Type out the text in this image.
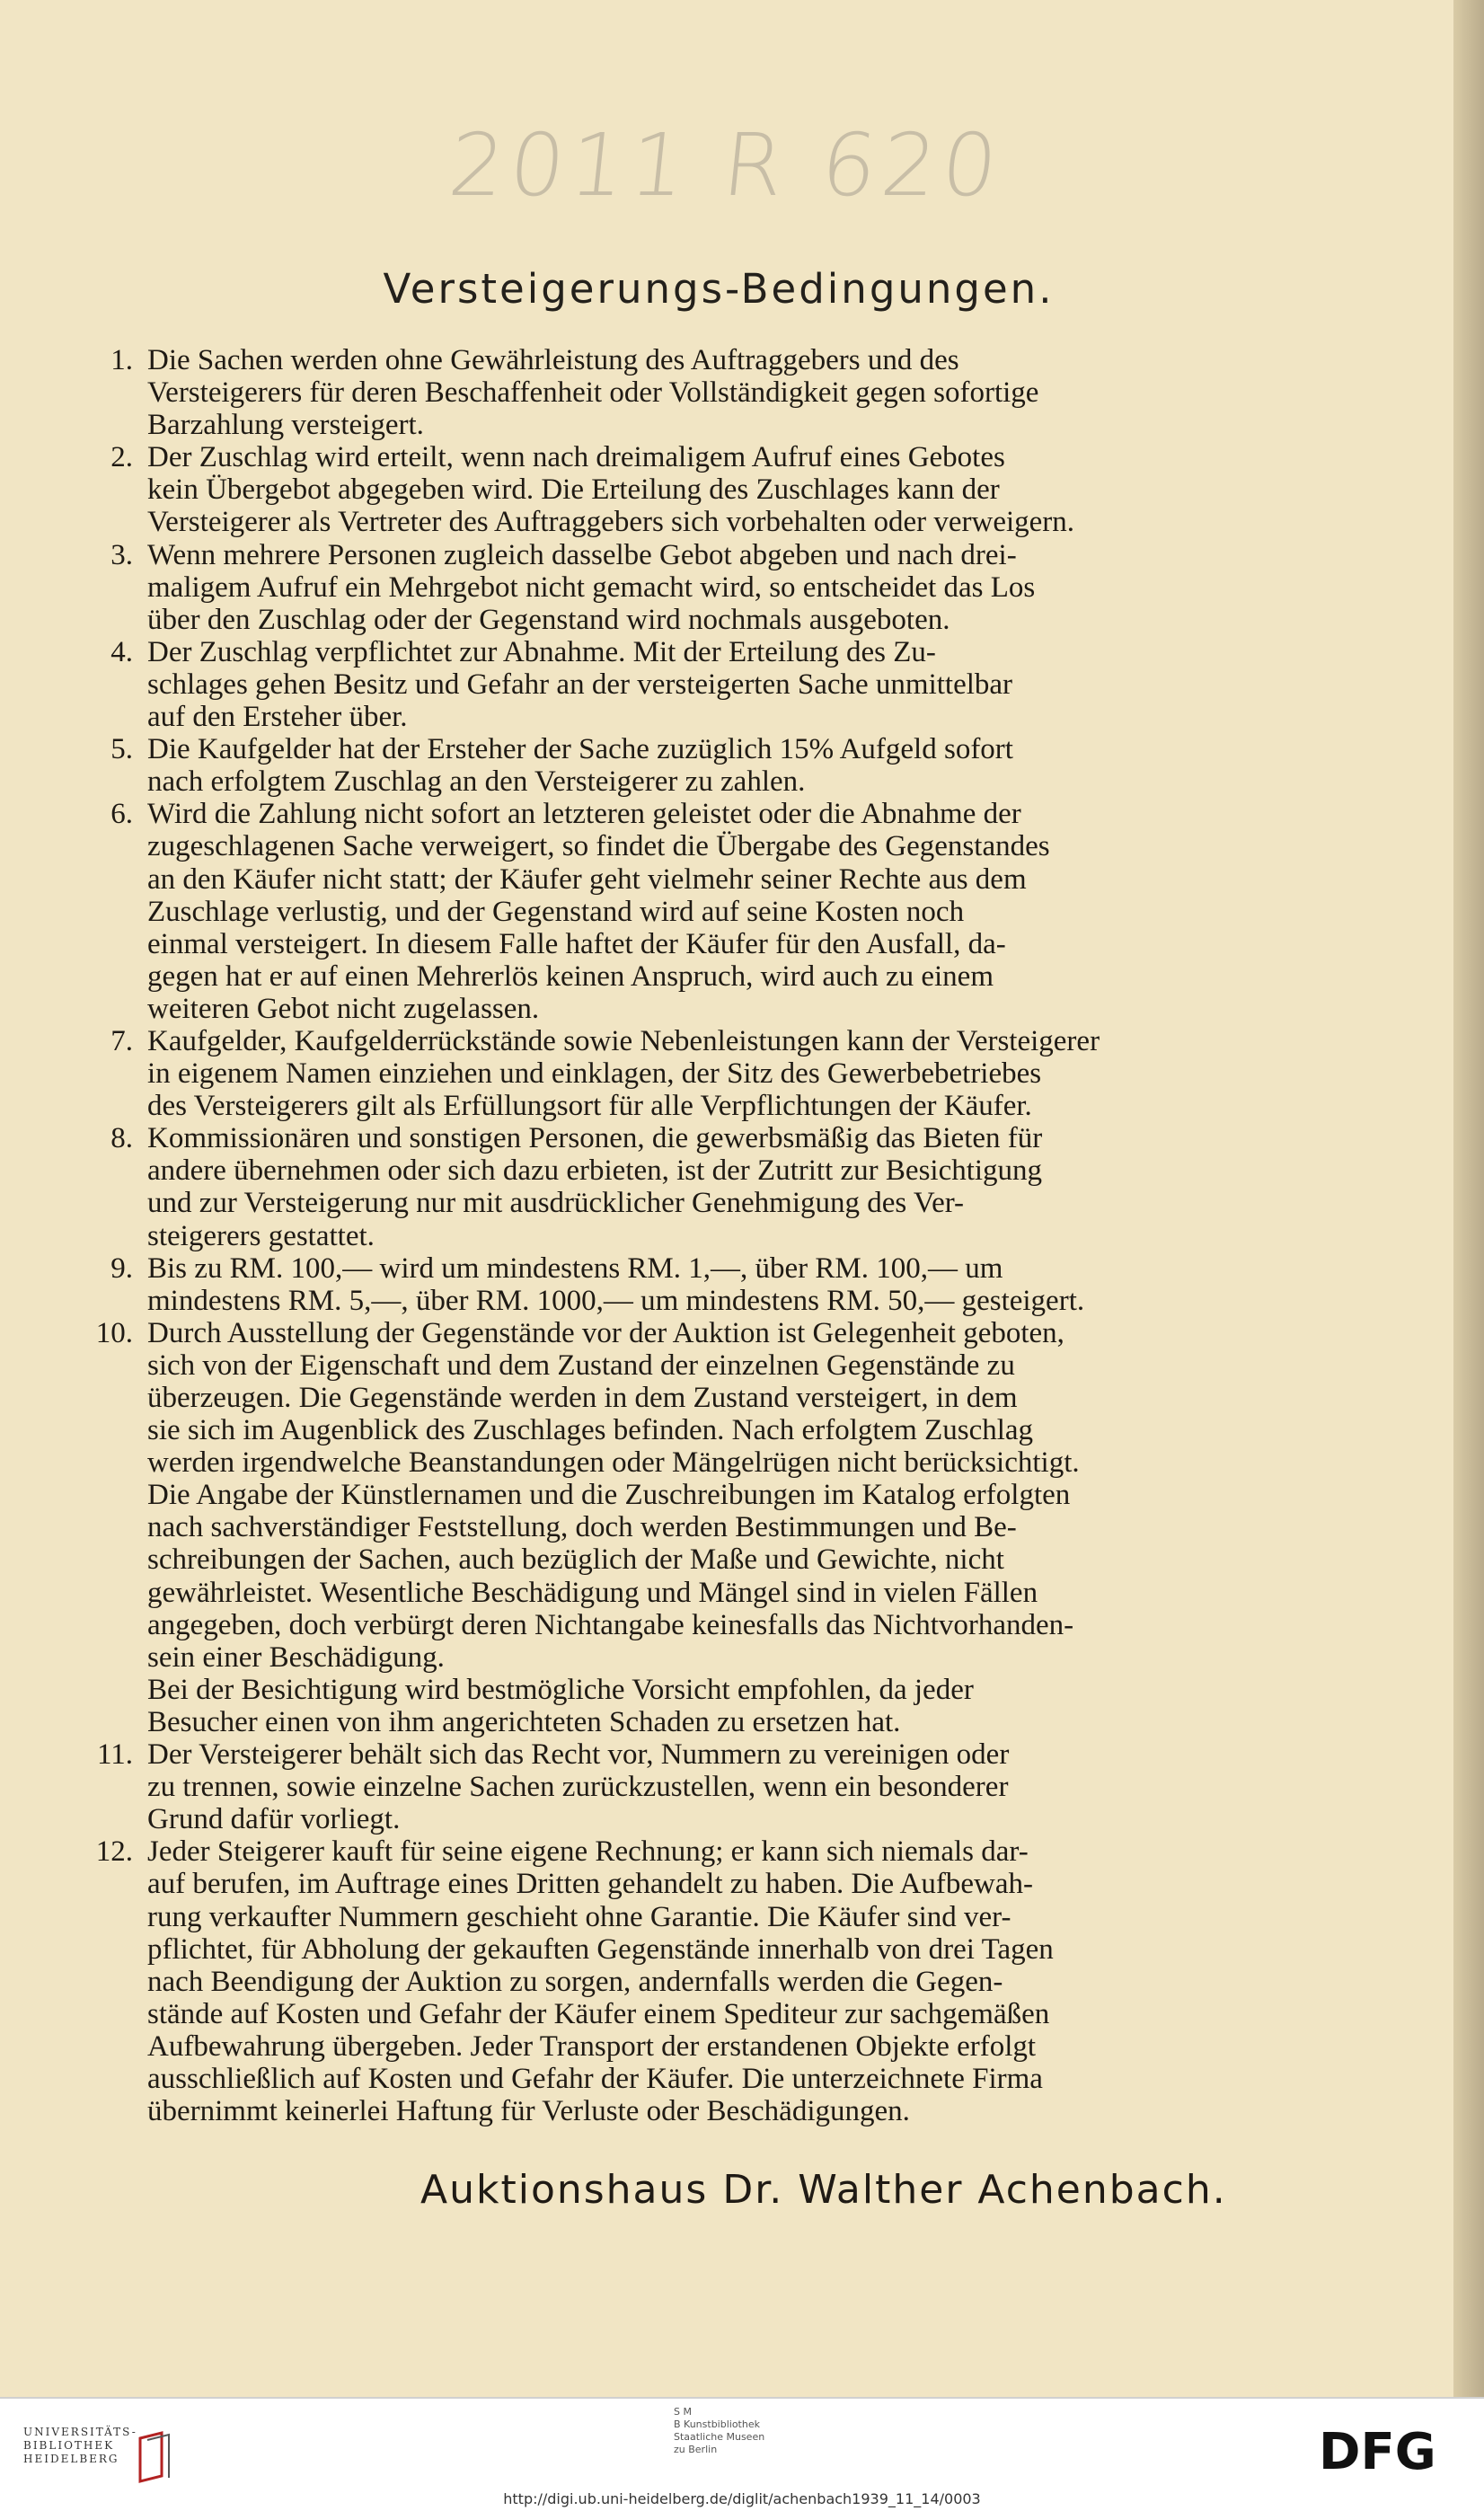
2011 R 620
Versteigerungs-Bedingungen.
1. Die Sachen werden ohne Gewährleistung des Auftraggebers und des
Versteigerers für deren Beschaffenheit oder Vollständigkeit gegen sofortige
Barzahlung versteigert.
2. Der Zuschlag wird erteilt, wenn nach dreimaligem Aufruf eines Gebotes
kein Übergebot abgegeben wird. Die Erteilung des Zuschlages kann der
Versteigerer als Vertreter des Auftraggebers sich vorbehalten oder verweigern.
3. Wenn mehrere Personen zugleich dasselbe Gebot abgeben und nach drei-
maligem Aufruf ein Mehrgebot nicht gemacht wird, so entscheidet das Los
über den Zuschlag oder der Gegenstand wird nochmals ausgeboten.
4. Der Zuschlag verpflichtet zur Abnahme. Mit der Erteilung des Zu-
schlages gehen Besitz und Gefahr an der versteigerten Sache unmittelbar
auf den Ersteher über.
5. Die Kaufgelder hat der Ersteher der Sache zuzüglich 15% Aufgeld sofort
nach erfolgtem Zuschlag an den Versteigerer zu zahlen.
6. Wird die Zahlung nicht sofort an letzteren geleistet oder die Abnahme der
zugeschlagenen Sache verweigert, so findet die Übergabe des Gegenstandes
an den Käufer nicht statt; der Käufer geht vielmehr seiner Rechte aus dem
Zuschlage verlustig, und der Gegenstand wird auf seine Kosten noch
einmal versteigert. In diesem Falle haftet der Käufer für den Ausfall, da-
gegen hat er auf einen Mehrerlös keinen Anspruch, wird auch zu einem
weiteren Gebot nicht zugelassen.
7. Kaufgelder, Kaufgelderrückstände sowie Nebenleistungen kann der Versteigerer
in eigenem Namen einziehen und einklagen, der Sitz des Gewerbebetriebes
des Versteigerers gilt als Erfüllungsort für alle Verpflichtungen der Käufer.
8. Kommissionären und sonstigen Personen, die gewerbsmäßig das Bieten für
andere übernehmen oder sich dazu erbieten, ist der Zutritt zur Besichtigung
und zur Versteigerung nur mit ausdrücklicher Genehmigung des Ver-
steigerers gestattet.
9. Bis zu RM. 100,— wird um mindestens RM. 1,—, über RM. 100,— um
mindestens RM. 5,—, über RM. 1000,— um mindestens RM. 50,— gesteigert.
10. Durch Ausstellung der Gegenstände vor der Auktion ist Gelegenheit geboten,
sich von der Eigenschaft und dem Zustand der einzelnen Gegenstände zu
überzeugen. Die Gegenstände werden in dem Zustand versteigert, in dem
sie sich im Augenblick des Zuschlages befinden. Nach erfolgtem Zuschlag
werden irgendwelche Beanstandungen oder Mängelrügen nicht berücksichtigt.
Die Angabe der Künstlernamen und die Zuschreibungen im Katalog erfolgten
nach sachverständiger Feststellung, doch werden Bestimmungen und Be-
schreibungen der Sachen, auch bezüglich der Maße und Gewichte, nicht
gewährleistet. Wesentliche Beschädigung und Mängel sind in vielen Fällen
angegeben, doch verbürgt deren Nichtangabe keinesfalls das Nichtvorhanden-
sein einer Beschädigung.
Bei der Besichtigung wird bestmögliche Vorsicht empfohlen, da jeder
Besucher einen von ihm angerichteten Schaden zu ersetzen hat.
11. Der Versteigerer behält sich das Recht vor, Nummern zu vereinigen oder
zu trennen, sowie einzelne Sachen zurückzustellen, wenn ein besonderer
Grund dafür vorliegt.
12. Jeder Steigerer kauft für seine eigene Rechnung; er kann sich niemals dar-
auf berufen, im Auftrage eines Dritten gehandelt zu haben. Die Aufbewah-
rung verkaufter Nummern geschieht ohne Garantie. Die Käufer sind ver-
pflichtet, für Abholung der gekauften Gegenstände innerhalb von drei Tagen
nach Beendigung der Auktion zu sorgen, andernfalls werden die Gegen-
stände auf Kosten und Gefahr der Käufer einem Spediteur zur sachgemäßen
Aufbewahrung übergeben. Jeder Transport der erstandenen Objekte erfolgt
ausschließlich auf Kosten und Gefahr der Käufer. Die unterzeichnete Firma
übernimmt keinerlei Haftung für Verluste oder Beschädigungen.

Auktionshaus Dr. Walther Achenbach.

UNIVERSITÄTS-
BIBLIOTHEK
HEIDELBERG
S M
B Kunstbibliothek
Staatliche Museen
zu Berlin	DFG
http://digi.ub.uni-heidelberg.de/diglit/achenbach1939_11_14/0003
